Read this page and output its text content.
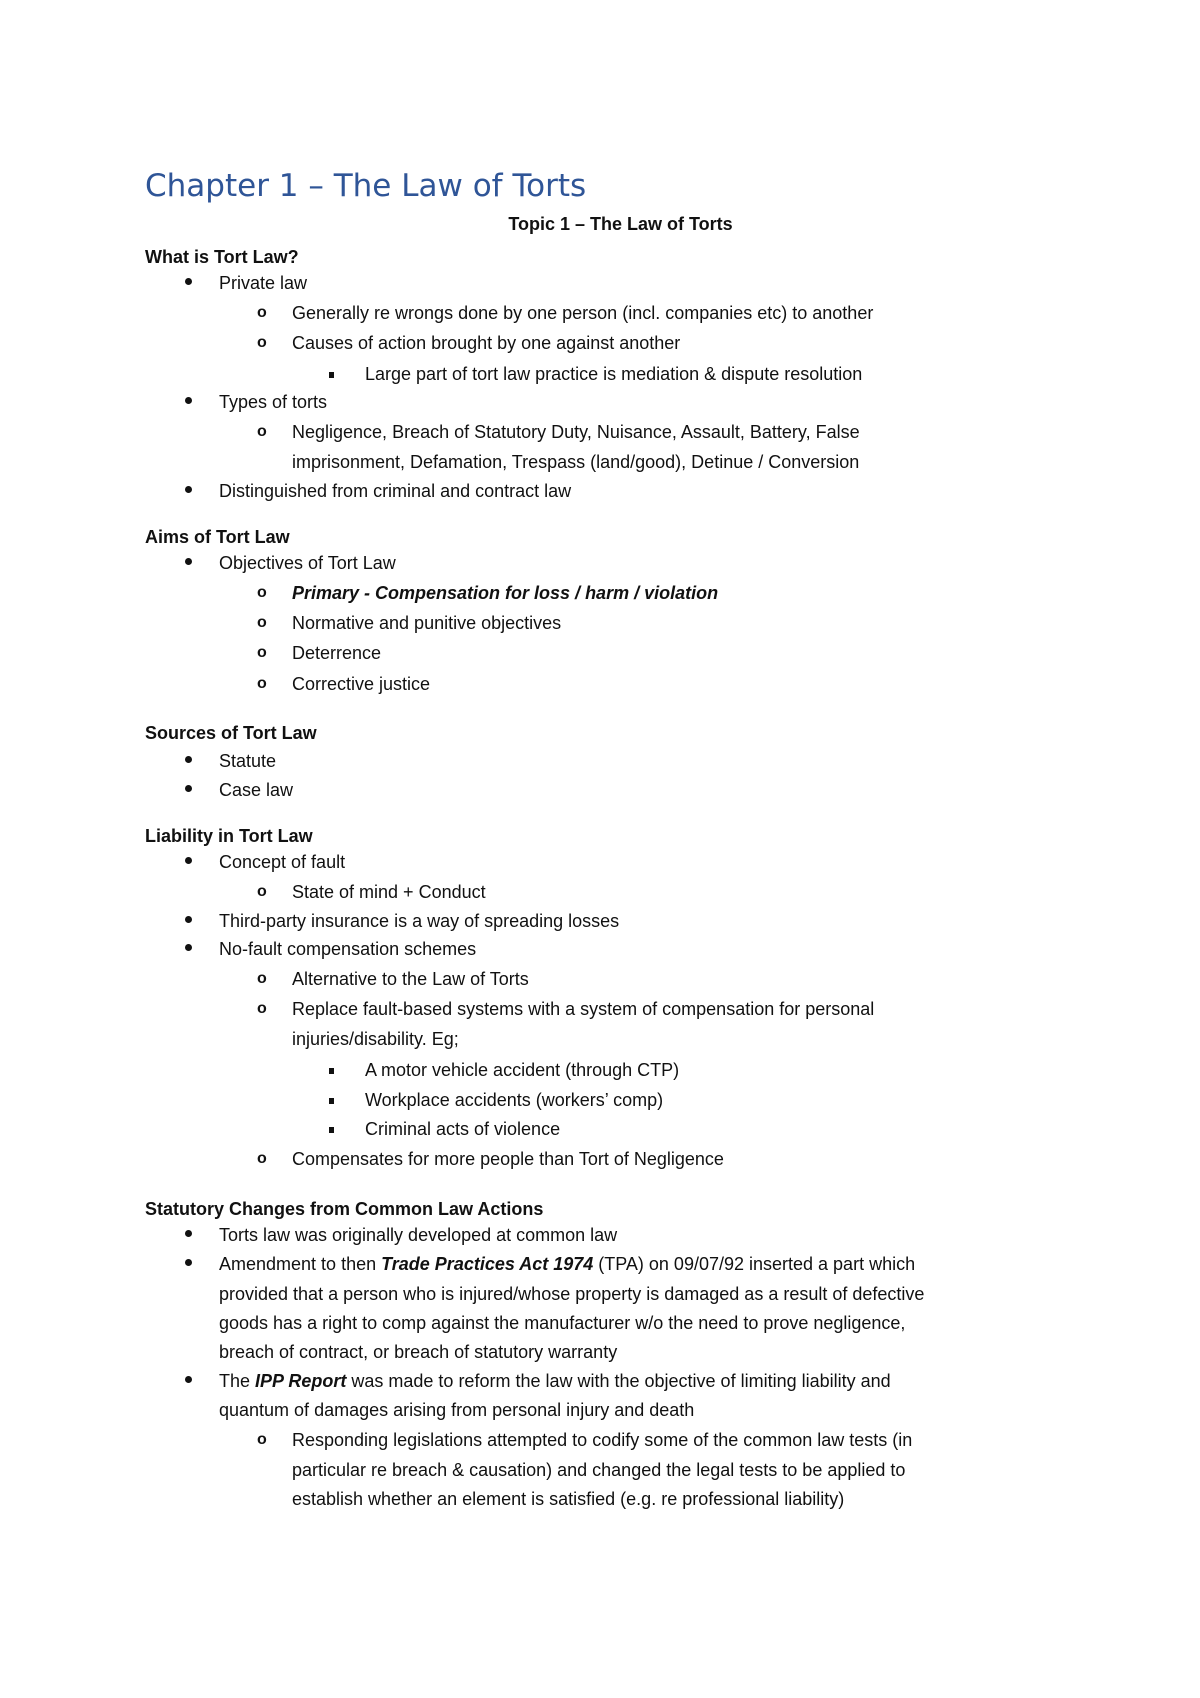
Chapter 1 – The Law of Torts
Topic 1 – The Law of Torts
What is Tort Law?
Private law
o Generally re wrongs done by one person (incl. companies etc) to another
o Causes of action brought by one against another
Large part of tort law practice is mediation & dispute resolution
Types of torts
o Negligence, Breach of Statutory Duty, Nuisance, Assault, Battery, False
imprisonment, Defamation, Trespass (land/good), Detinue / Conversion
Distinguished from criminal and contract law
Aims of Tort Law
Objectives of Tort Law
o Primary - Compensation for loss / harm / violation
o Normative and punitive objectives
o Deterrence
o Corrective justice
Sources of Tort Law
Statute
Case law
Liability in Tort Law
Concept of fault
o State of mind + Conduct
Third-party insurance is a way of spreading losses
No-fault compensation schemes
o Alternative to the Law of Torts
o Replace fault-based systems with a system of compensation for personal
injuries/disability. Eg;
A motor vehicle accident (through CTP)
Workplace accidents (workers’ comp)
Criminal acts of violence
o Compensates for more people than Tort of Negligence
Statutory Changes from Common Law Actions
Torts law was originally developed at common law
Amendment to then Trade Practices Act 1974 (TPA) on 09/07/92 inserted a part which
provided that a person who is injured/whose property is damaged as a result of defective
goods has a right to comp against the manufacturer w/o the need to prove negligence,
breach of contract, or breach of statutory warranty
The IPP Report was made to reform the law with the objective of limiting liability and
quantum of damages arising from personal injury and death
o Responding legislations attempted to codify some of the common law tests (in
particular re breach & causation) and changed the legal tests to be applied to
establish whether an element is satisfied (e.g. re professional liability)
